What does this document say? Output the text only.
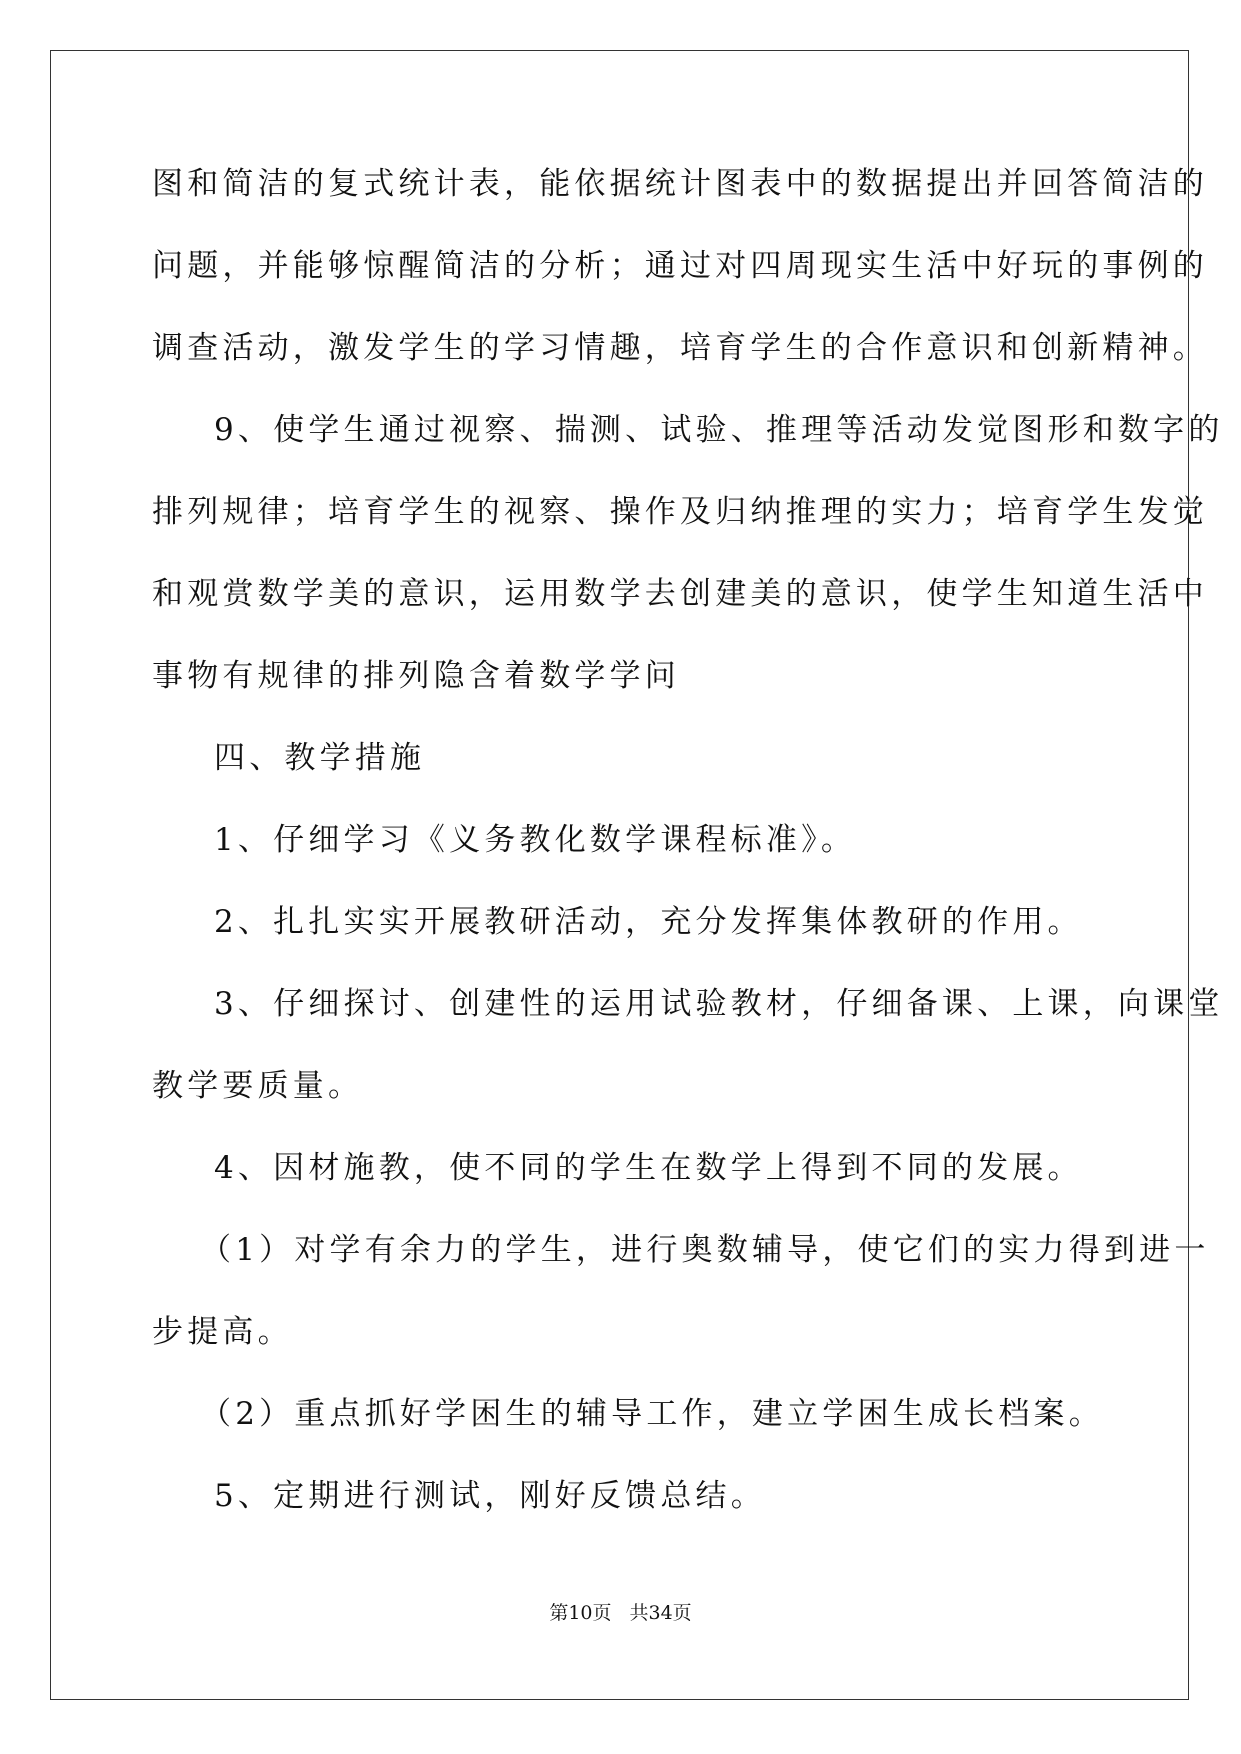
图和简洁的复式统计表，能依据统计图表中的数据提出并回答简洁的
问题，并能够惊醒简洁的分析；通过对四周现实生活中好玩的事例的
调查活动，激发学生的学习情趣，培育学生的合作意识和创新精神。
9、使学生通过视察、揣测、试验、推理等活动发觉图形和数字的
排列规律；培育学生的视察、操作及归纳推理的实力；培育学生发觉
和观赏数学美的意识，运用数学去创建美的意识，使学生知道生活中
事物有规律的排列隐含着数学学问
四、教学措施
1、仔细学习《义务教化数学课程标准》。
2、扎扎实实开展教研活动，充分发挥集体教研的作用。
3、仔细探讨、创建性的运用试验教材，仔细备课、上课，向课堂
教学要质量。
4、因材施教，使不同的学生在数学上得到不同的发展。
（1）对学有余力的学生，进行奥数辅导，使它们的实力得到进一
步提高。
（2）重点抓好学困生的辅导工作，建立学困生成长档案。
5、定期进行测试，刚好反馈总结。
第10页 共34页
